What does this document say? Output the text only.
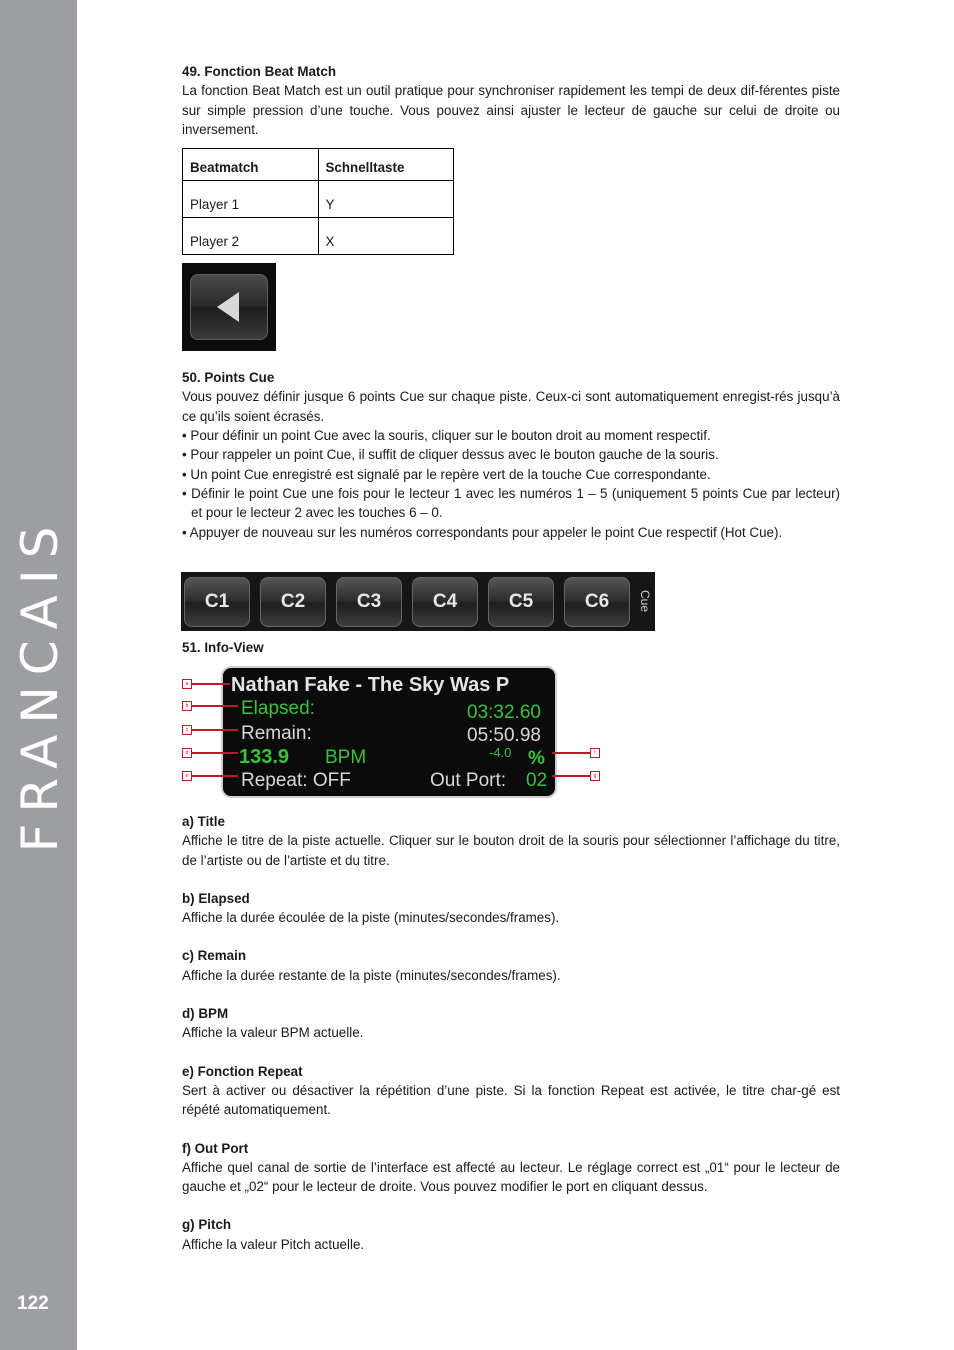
FRANCAIS
122
49. Fonction Beat Match

La fonction Beat Match est un outil pratique pour synchroniser rapidement les tempi de deux dif-férentes piste sur simple pression d’une touche. Vous pouvez ainsi ajuster le lecteur de gauche sur celui de droite ou inversement.

Beatmatch	Schnelltaste
Player 1	Y
Player 2	X
50. Points Cue

Vous pouvez définir jusque 6 points Cue sur chaque piste. Ceux-ci sont automatiquement enregist-rés jusqu’à ce qu’ils soient écrasés.

• Pour définir un point Cue avec la souris, cliquer sur le bouton droit au moment respectif.

• Pour rappeler un point Cue, il suffit de cliquer dessus avec le bouton gauche de la souris.

• Un point Cue enregistré est signalé par le repère vert de la touche Cue correspondante.

• Définir le point Cue une fois pour le lecteur 1 avec les numéros 1 – 5 (uniquement 5 points Cue par lecteur) et pour le lecteur 2 avec les touches 6 – 0.

• Appuyer de nouveau sur les numéros correspondants pour appeler le point Cue respectif (Hot Cue).

C1	C2	C3	C4	C5	C6	Cue
51. Info-View
Nathan Fake - The Sky Was P
Elapsed:	03:32.60
Remain:	05:50.98
133.9 BPM	-4.0 %
Repeat: OFF	Out Port: 02
a
b
c
d
e
f
g
a) Title

Affiche le titre de la piste actuelle. Cliquer sur le bouton droit de la souris pour sélectionner l’affichage du titre, de l’artiste ou de l’artiste et du titre.

b) Elapsed

Affiche la durée écoulée de la piste (minutes/secondes/frames).

c) Remain

Affiche la durée restante de la piste (minutes/secondes/frames).

d) BPM

Affiche la valeur BPM actuelle.

e) Fonction Repeat

Sert à activer ou désactiver la répétition d’une piste. Si la fonction Repeat est activée, le titre char-gé est répété automatiquement.

f) Out Port

Affiche quel canal de sortie de l’interface est affecté au lecteur. Le réglage correct est „01“ pour le lecteur de gauche et „02“ pour le lecteur de droite. Vous pouvez modifier le port en cliquant dessus.

g) Pitch

Affiche la valeur Pitch actuelle.
